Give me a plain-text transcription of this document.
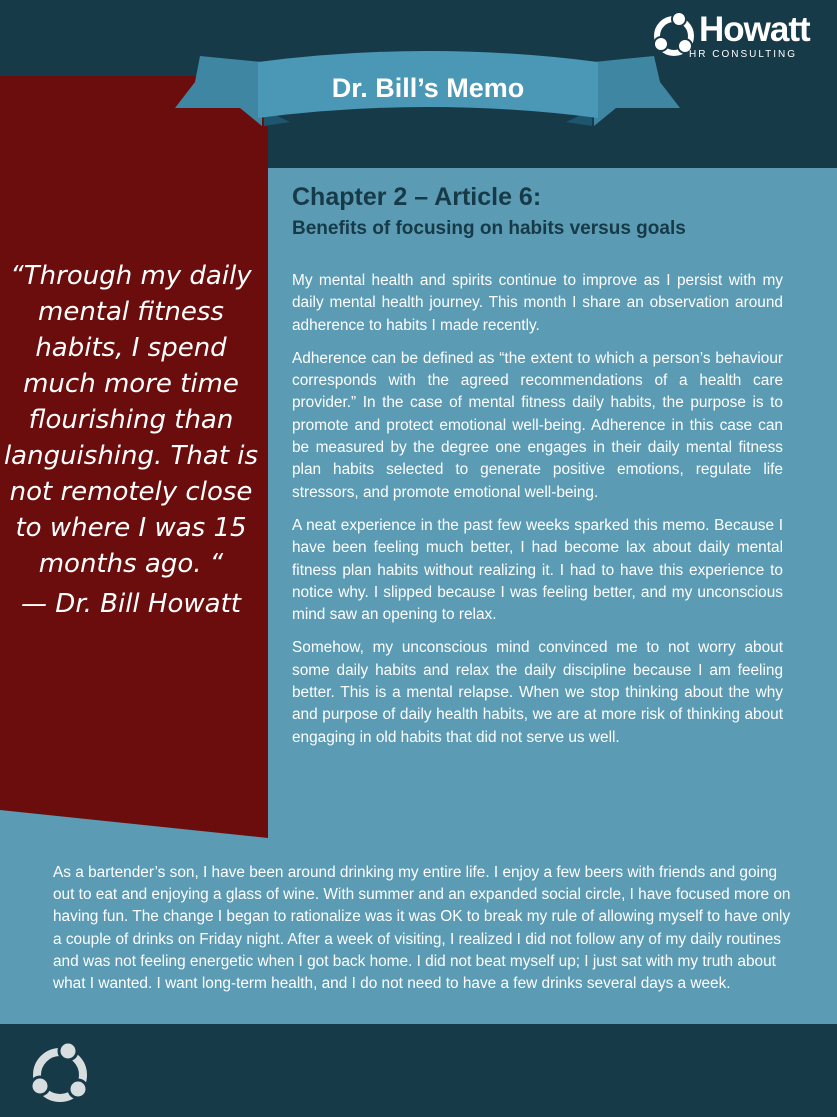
Howatt
HR CONSULTING
Dr. Bill’s Memo

“Through my daily mental fitness habits, I spend much more time flourishing than languishing. That is not remotely close to where I was 15 months ago. “

— Dr. Bill Howatt

Chapter 2 – Article 6:
Benefits of focusing on habits versus goals

My mental health and spirits continue to improve as I persist with my daily mental health journey. This month I share an observation around adherence to habits I made recently.

Adherence can be defined as “the extent to which a person’s behaviour corresponds with the agreed recommendations of a health care provider.” In the case of mental fitness daily habits, the purpose is to promote and protect emotional well-being. Adherence in this case can be measured by the degree one engages in their daily mental fitness plan habits selected to generate positive emotions, regulate life stressors, and promote emotional well-being.

A neat experience in the past few weeks sparked this memo. Because I have been feeling much better, I had become lax about daily mental fitness plan habits without realizing it. I had to have this experience to notice why. I slipped because I was feeling better, and my unconscious mind saw an opening to relax.

Somehow, my unconscious mind convinced me to not worry about some daily habits and relax the daily discipline because I am feeling better. This is a mental relapse. When we stop thinking about the why and purpose of daily health habits, we are at more risk of thinking about engaging in old habits that did not serve us well.

As a bartender’s son, I have been around drinking my entire life. I enjoy a few beers with friends and going out to eat and enjoying a glass of wine. With summer and an expanded social circle, I have focused more on having fun. The change I began to rationalize was it was OK to break my rule of allowing myself to have only a couple of drinks on Friday night. After a week of visiting, I realized I did not follow any of my daily routines and was not feeling energetic when I got back home. I did not beat myself up; I just sat with my truth about what I wanted. I want long-term health, and I do not need to have a few drinks several days a week.
